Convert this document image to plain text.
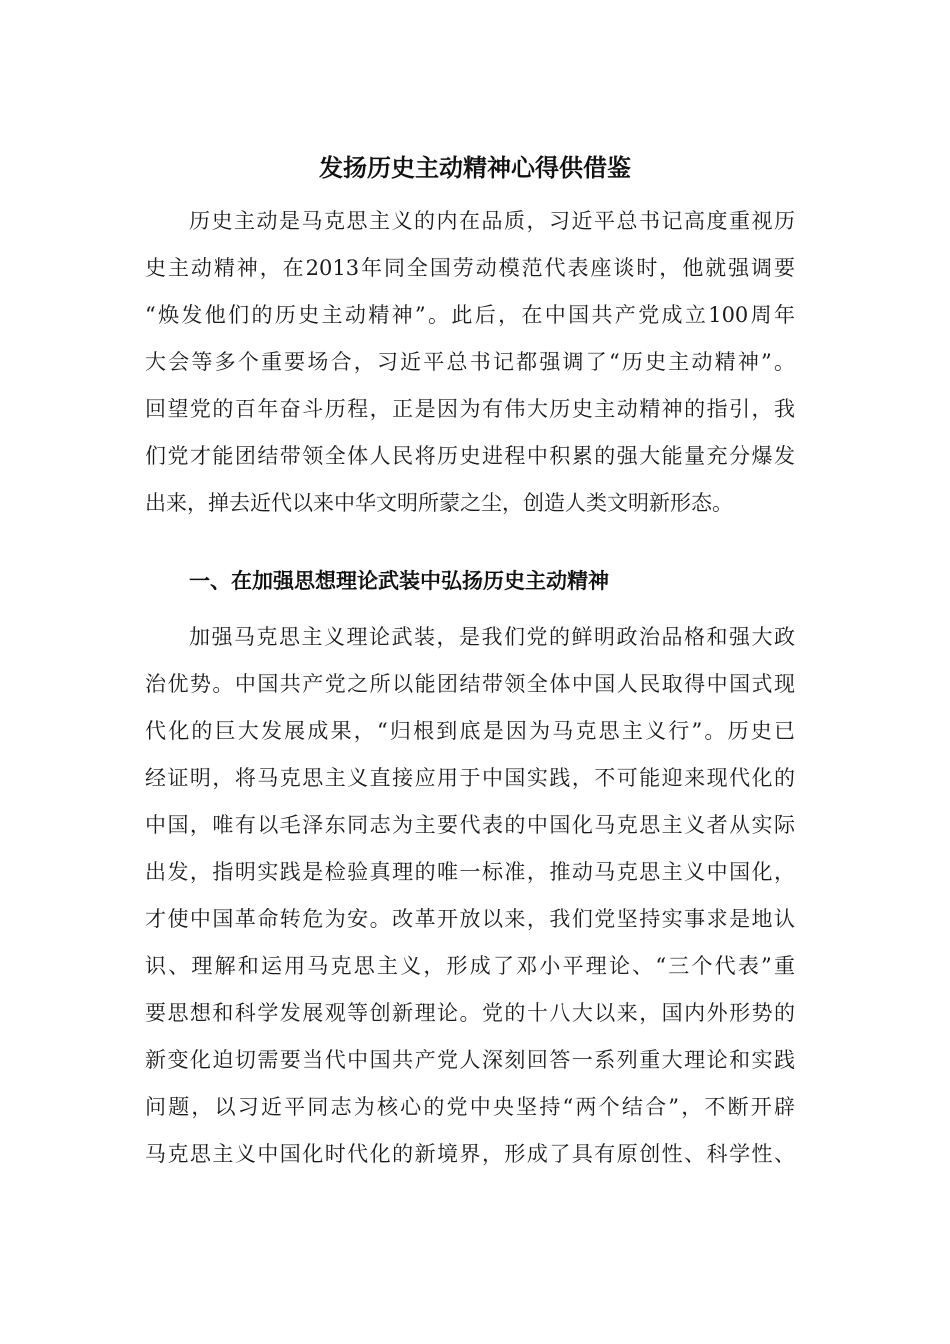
发扬历史主动精神心得供借鉴
历史主动是马克思主义的内在品质，习近平总书记高度重视历
史主动精神，在2013年同全国劳动模范代表座谈时，他就强调要
“焕发他们的历史主动精神”。此后，在中国共产党成立100周年
大会等多个重要场合，习近平总书记都强调了“历史主动精神”。
回望党的百年奋斗历程，正是因为有伟大历史主动精神的指引，我
们党才能团结带领全体人民将历史进程中积累的强大能量充分爆发
出来，掸去近代以来中华文明所蒙之尘，创造人类文明新形态。
一、在加强思想理论武装中弘扬历史主动精神
加强马克思主义理论武装，是我们党的鲜明政治品格和强大政
治优势。中国共产党之所以能团结带领全体中国人民取得中国式现
代化的巨大发展成果，“归根到底是因为马克思主义行”。历史已
经证明，将马克思主义直接应用于中国实践，不可能迎来现代化的
中国，唯有以毛泽东同志为主要代表的中国化马克思主义者从实际
出发，指明实践是检验真理的唯一标准，推动马克思主义中国化，
才使中国革命转危为安。改革开放以来，我们党坚持实事求是地认
识、理解和运用马克思主义，形成了邓小平理论、“三个代表”重
要思想和科学发展观等创新理论。党的十八大以来，国内外形势的
新变化迫切需要当代中国共产党人深刻回答一系列重大理论和实践
问题，以习近平同志为核心的党中央坚持“两个结合”，不断开辟
马克思主义中国化时代化的新境界，形成了具有原创性、科学性、
